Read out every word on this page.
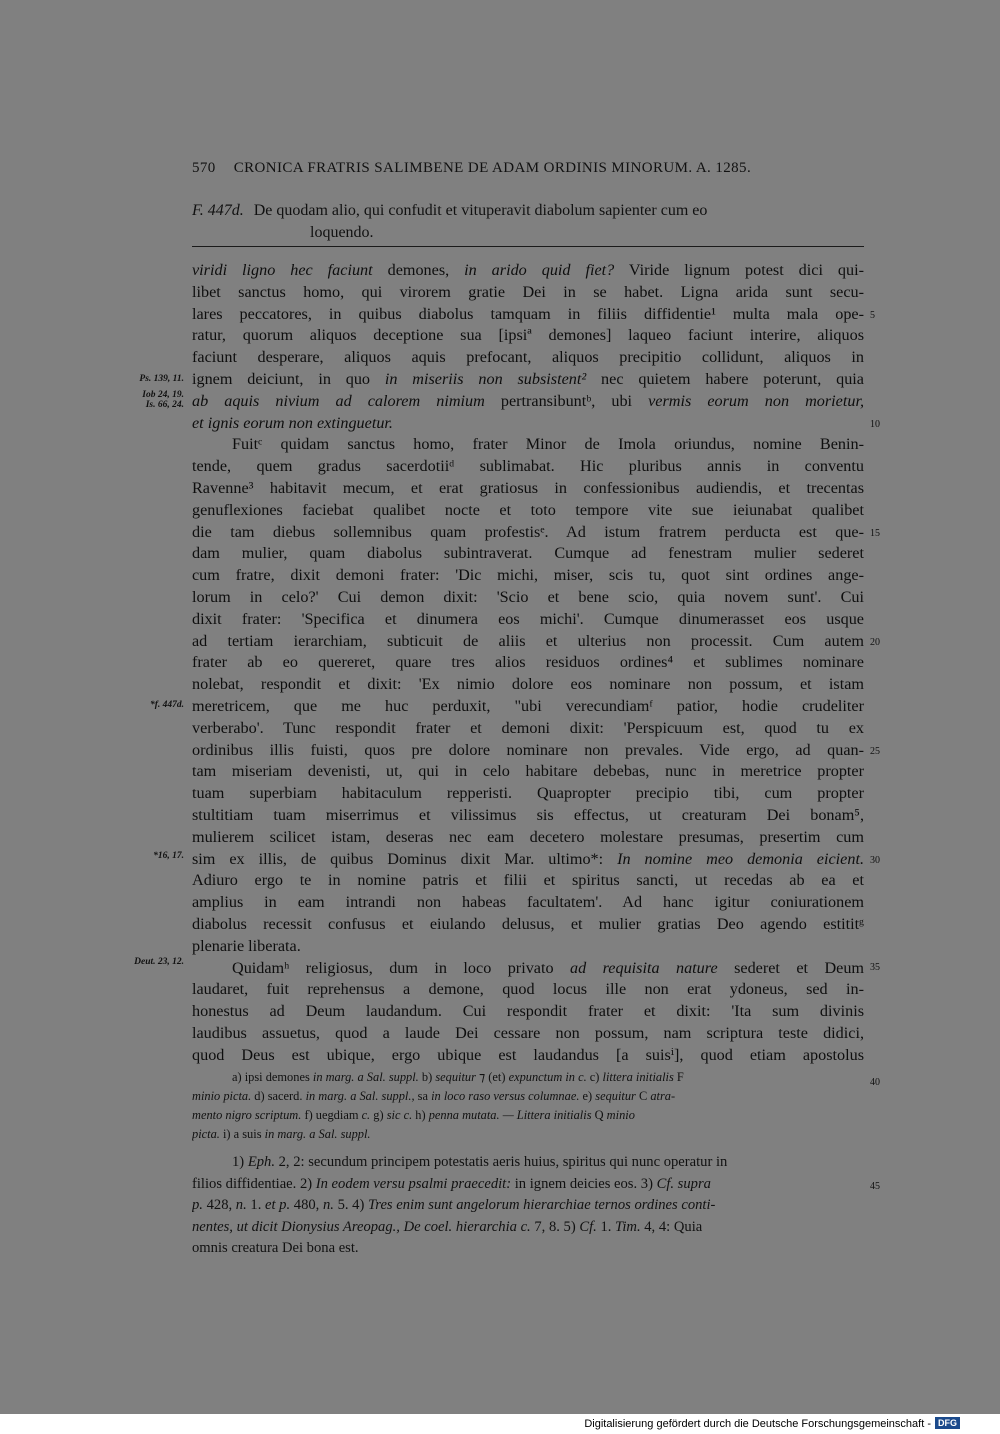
570 CRONICA FRATRIS SALIMBENE DE ADAM ORDINIS MINORUM. A. 1285.
F. 447d. De quodam alio, qui confudit et vituperavit diabolum sapienter cum eo
loquendo.
viridi ligno hec faciunt demones, in arido quid fiet? Viride lignum potest dici qui-
libet sanctus homo, qui virorem gratie Dei in se habet. Ligna arida sunt secu-
lares peccatores, in quibus diabolus tamquam in filiis diffidentie¹ multa mala ope-
ratur, quorum aliquos deceptione sua [ipsiª demones] laqueo faciunt interire, aliquos
faciunt desperare, aliquos aquis prefocant, aliquos precipitio collidunt, aliquos in
ignem deiciunt, in quo in miseriis non subsistent² nec quietem habere poterunt, quia
ab aquis nivium ad calorem nimium pertransibuntᵇ, ubi vermis eorum non morietur,
et ignis eorum non extinguetur.
Fuitᶜ quidam sanctus homo, frater Minor de Imola oriundus, nomine Benin-
tende, quem gradus sacerdotiiᵈ sublimabat. Hic pluribus annis in conventu
Ravenne³ habitavit mecum, et erat gratiosus in confessionibus audiendis, et trecentas
genuflexiones faciebat qualibet nocte et toto tempore vite sue ieiunabat qualibet
die tam diebus sollemnibus quam profestisᵉ. Ad istum fratrem perducta est que-
dam mulier, quam diabolus subintraverat. Cumque ad fenestram mulier sederet
cum fratre, dixit demoni frater: 'Dic michi, miser, scis tu, quot sint ordines ange-
lorum in celo?' Cui demon dixit: 'Scio et bene scio, quia novem sunt'. Cui
dixit frater: 'Specifica et dinumera eos michi'. Cumque dinumerasset eos usque
ad tertiam ierarchiam, subticuit de aliis et ulterius non processit. Cum autem
frater ab eo quereret, quare tres alios residuos ordines⁴ et sublimes nominare
nolebat, respondit et dixit: 'Ex nimio dolore eos nominare non possum, et istam
meretricem, que me huc perduxit, "ubi verecundiamᶠ patior, hodie crudeliter
verberabo'. Tunc respondit frater et demoni dixit: 'Perspicuum est, quod tu ex
ordinibus illis fuisti, quos pre dolore nominare non prevales. Vide ergo, ad quan-
tam miseriam devenisti, ut, qui in celo habitare debebas, nunc in meretrice propter
tuam superbiam habitaculum repperisti. Quapropter precipio tibi, cum propter
stultitiam tuam miserrimus et vilissimus sis effectus, ut creaturam Dei bonam⁵,
mulierem scilicet istam, deseras nec eam decetero molestare presumas, presertim cum
sim ex illis, de quibus Dominus dixit Mar. ultimo*: In nomine meo demonia eicient.
Adiuro ergo te in nomine patris et filii et spiritus sancti, ut recedas ab ea et
amplius in eam intrandi non habeas facultatem'. Ad hanc igitur coniurationem
diabolus recessit confusus et eiulando delusus, et mulier gratias Deo agendo estititᵍ
plenarie liberata.
Quidamʰ religiosus, dum in loco privato ad requisita nature sederet et Deum
laudaret, fuit reprehensus a demone, quod locus ille non erat ydoneus, sed in-
honestus ad Deum laudandum. Cui respondit frater et dixit: 'Ita sum divinis
laudibus assuetus, quod a laude Dei cessare non possum, nam scriptura teste didici,
quod Deus est ubique, ergo ubique est laudandus [a suisⁱ], quod etiam apostolus
Ps. 139, 11.
Iob 24, 19.
Is. 66, 24.
*f. 447d.
*16, 17.
Deut. 23, 12.
5
10
15
20
25
30
35
40
45
a) ipsi demones in marg. a Sal. suppl. b) sequitur ⁊ (et) expunctum in c. c) littera initialis F
minio picta. d) sacerd. in marg. a Sal. suppl., sa in loco raso versus columnae. e) sequitur C atra-
mento nigro scriptum. f) uegdiam c. g) sic c. h) penna mutata. — Littera initialis Q minio
picta. i) a suis in marg. a Sal. suppl.
1) Eph. 2, 2: secundum principem potestatis aeris huius, spiritus qui nunc operatur in
filios diffidentiae. 2) In eodem versu psalmi praecedit: in ignem deicies eos. 3) Cf. supra
p. 428, n. 1. et p. 480, n. 5. 4) Tres enim sunt angelorum hierarchiae ternos ordines conti-
nentes, ut dicit Dionysius Areopag., De coel. hierarchia c. 7, 8. 5) Cf. 1. Tim. 4, 4: Quia
omnis creatura Dei bona est.
Digitalisierung gefördert durch die Deutsche Forschungsgemeinschaft - DFG
